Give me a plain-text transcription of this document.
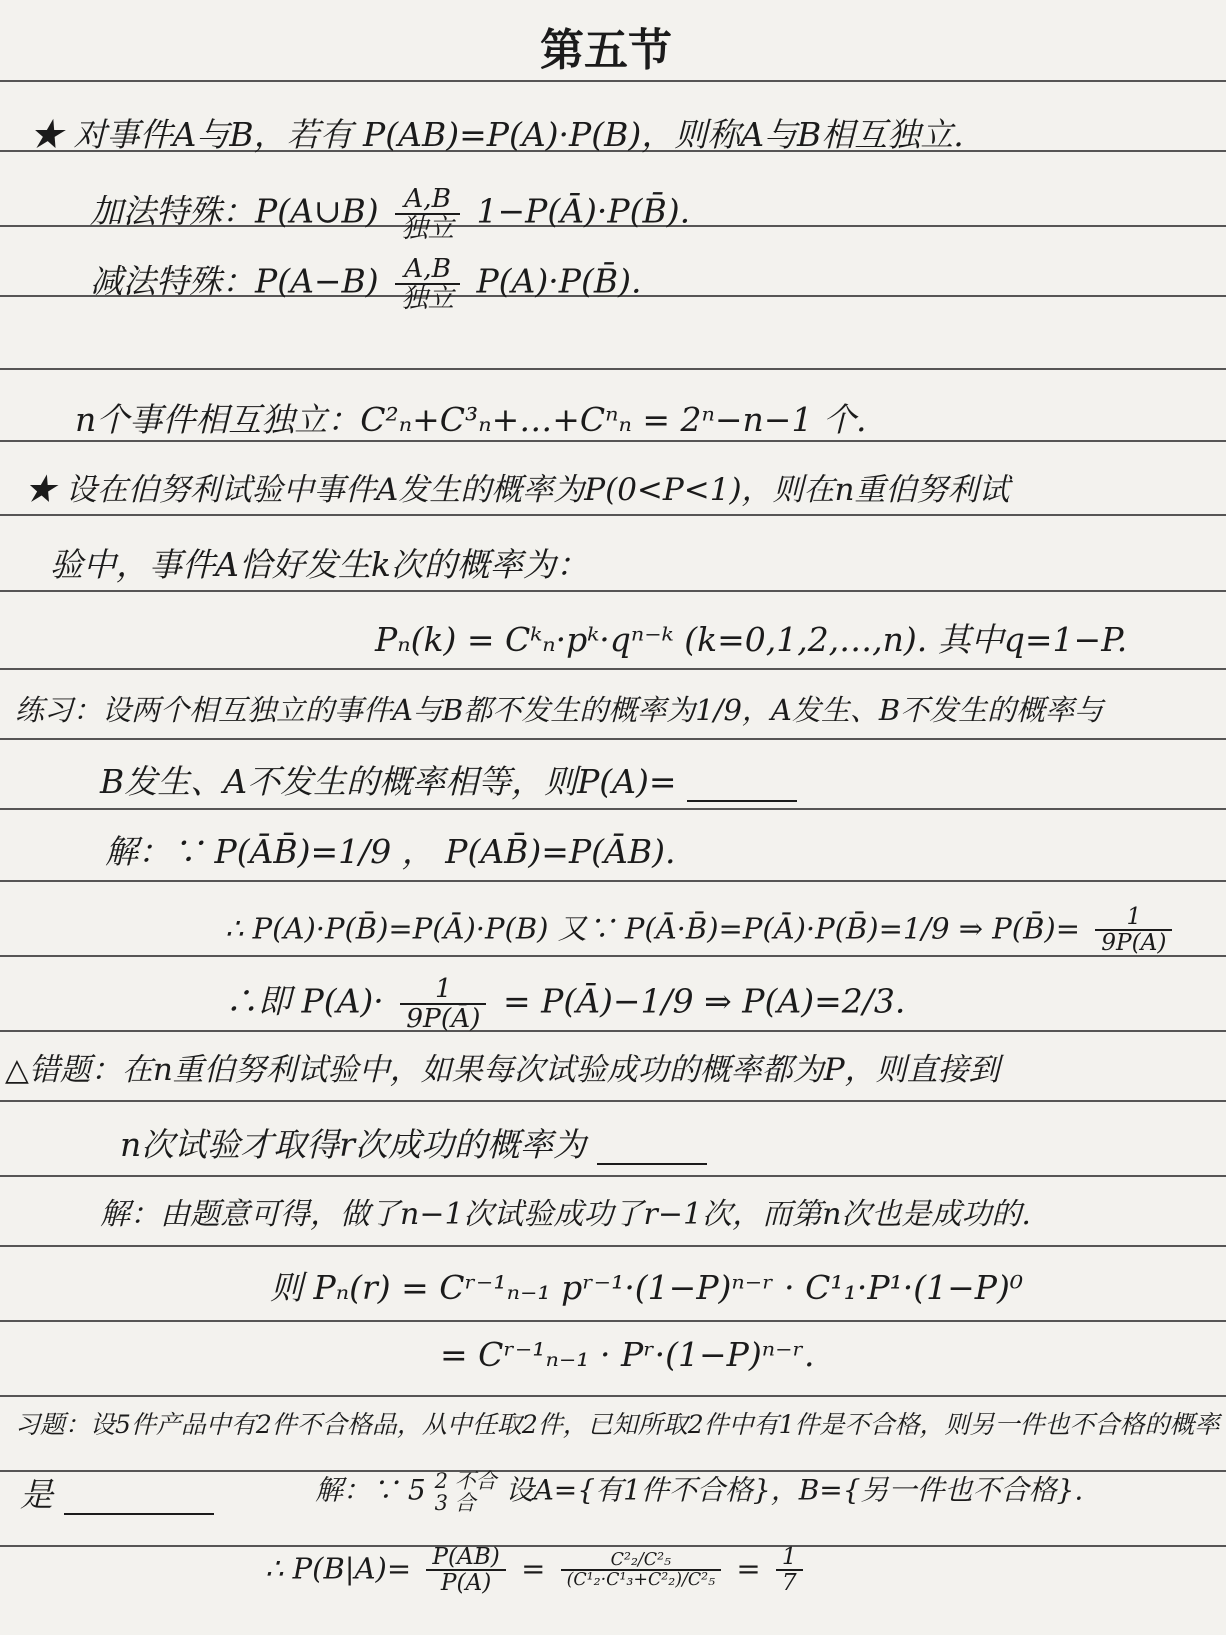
第五节
★ 对事件A与B，若有 P(AB)=P(A)·P(B)，则称A与B相互独立.
加法特殊：P(A∪B) $\frac{A,B}{\text{独立}}$ 1−P(Ā)·P(B̄).
减法特殊：$P(A-B) \frac{A,B}{\text{独立}}$ P(A)·P(B̄).
n个事件相互独立：C²ₙ+C³ₙ+…+Cⁿₙ = 2ⁿ−n−1 个.
★ 设在伯努利试验中事件A发生的概率为P(0<P<1)，则在n重伯努利试
验中，事件A恰好发生k次的概率为：
Pₙ(k) = Cᵏₙ·pᵏ·qⁿ⁻ᵏ (k=0,1,2,…,n). 其中q=1−P.
练习：设两个相互独立的事件A与B都不发生的概率为1/9，A发生、B不发生的概率与
B发生、A不发生的概率相等，则P(A)=
解：∵ P(ĀB̄)=1/9 ， P(AB̄)=P(ĀB).
∴ P(A)·P(B̄)=P(Ā)·P(B) 又∵ P(Ā·B̄)=P(Ā)·P(B̄)=1/9 ⇒ P(B̄)= $\frac{1}{9P(Ā)}$
∴即 $P(A)\cdot \frac{1}{9P(Ā)}$ = P(Ā)−1/9 ⇒ P(A)=2/3.
△错题：在n重伯努利试验中，如果每次试验成功的概率都为P，则直接到
n次试验才取得r次成功的概率为
解：由题意可得，做了n−1次试验成功了r−1次，而第n次也是成功的.
则 Pₙ(r) = Cʳ⁻¹ₙ₋₁ pʳ⁻¹·(1−P)ⁿ⁻ʳ · C¹₁·P¹·(1−P)⁰
= Cʳ⁻¹ₙ₋₁ · Pʳ·(1−P)ⁿ⁻ʳ.
习题：设5件产品中有2件不合格品，从中任取2件，已知所取2件中有1件是不合格，则另一件也不合格的概率
是	解：∵ 5 2 不合
3 合	设A={有1件不合格}，B={另一件也不合格}.
∴ $P(B|A)= \frac{P(AB)}{P(A)} = \frac{\text{C²₂/C²₅}}{\text{(C¹₂·C¹₃+C²₂)/C²₅}} = \frac{1}{7}$
